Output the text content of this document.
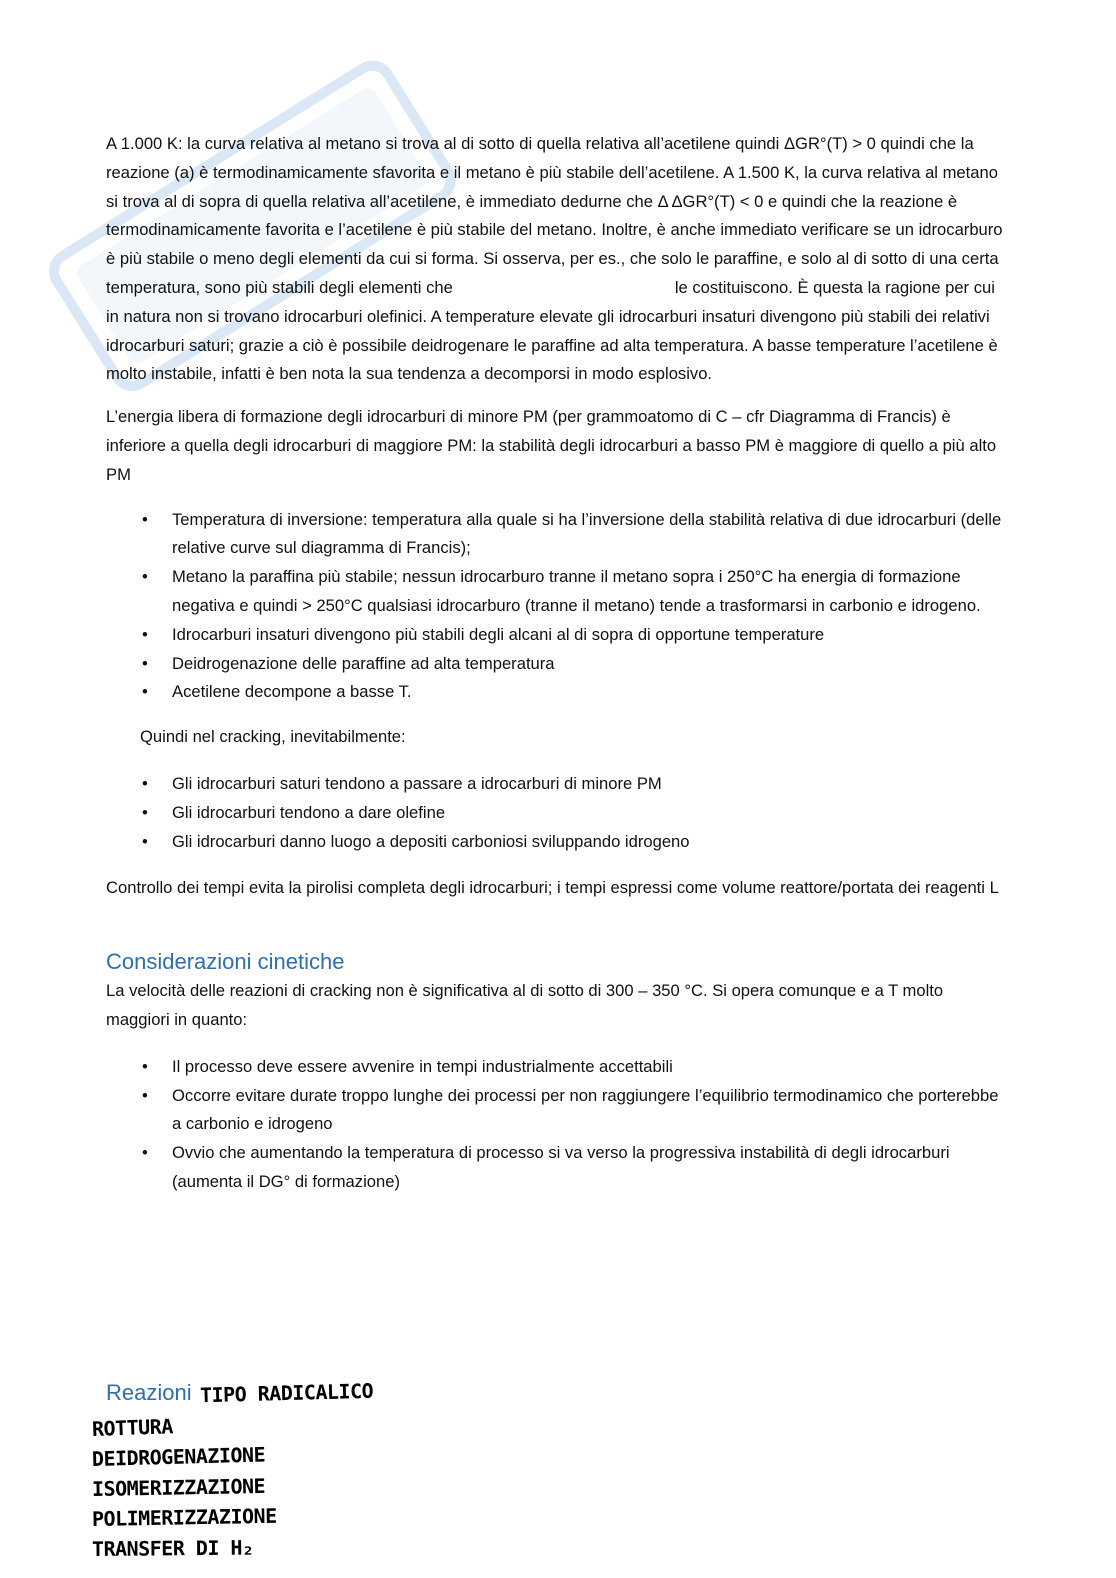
A 1.000 K: la curva relativa al metano si trova al di sotto di quella relativa all’acetilene quindi ΔGR°(T) > 0 quindi che la reazione (a) è termodinamicamente sfavorita e il metano è più stabile dell’acetilene. A 1.500 K, la curva relativa al metano si trova al di sopra di quella relativa all’acetilene, è immediato dedurne che Δ ΔGR°(T) < 0 e quindi che la reazione è termodinamicamente favorita e l’acetilene è più stabile del metano. Inoltre, è anche immediato verificare se un idrocarburo è più stabile o meno degli elementi da cui si forma. Si osserva, per es., che solo le paraffine, e solo al di sotto di una certa temperatura, sono più stabili degli elementi che	le costituiscono. È questa la ragione per cui in natura non si trovano idrocarburi olefinici. A temperature elevate gli idrocarburi insaturi divengono più stabili dei relativi idrocarburi saturi; grazie a ciò è possibile deidrogenare le paraffine ad alta temperatura. A basse temperature l’acetilene è molto instabile, infatti è ben nota la sua tendenza a decomporsi in modo esplosivo.

L’energia libera di formazione degli idrocarburi di minore PM (per grammoatomo di C – cfr Diagramma di Francis) è inferiore a quella degli idrocarburi di maggiore PM: la stabilità degli idrocarburi a basso PM è maggiore di quello a più alto PM

• Temperatura di inversione: temperatura alla quale si ha l’inversione della stabilità relativa di due idrocarburi (delle relative curve sul diagramma di Francis);
• Metano la paraffina più stabile; nessun idrocarburo tranne il metano sopra i 250°C ha energia di formazione negativa e quindi > 250°C qualsiasi idrocarburo (tranne il metano) tende a trasformarsi in carbonio e idrogeno.
• Idrocarburi insaturi divengono più stabili degli alcani al di sopra di opportune temperature
• Deidrogenazione delle paraffine ad alta temperatura
• Acetilene decompone a basse T.

Quindi nel cracking, inevitabilmente:

• Gli idrocarburi saturi tendono a passare a idrocarburi di minore PM
• Gli idrocarburi tendono a dare olefine
• Gli idrocarburi danno luogo a depositi carboniosi sviluppando idrogeno

Controllo dei tempi evita la pirolisi completa degli idrocarburi; i tempi espressi come volume reattore/portata dei reagenti L

Considerazioni cinetiche

La velocità delle reazioni di cracking non è significativa al di sotto di 300 – 350 °C. Si opera comunque e a T molto maggiori in quanto:

• Il processo deve essere avvenire in tempi industrialmente accettabili
• Occorre evitare durate troppo lunghe dei processi per non raggiungere l’equilibrio termodinamico che porterebbe a carbonio e idrogeno
• Ovvio che aumentando la temperatura di processo si va verso la progressiva instabilità di degli idrocarburi (aumenta il DG° di formazione)
Reazioni TIPO RADICALICO
ROTTURA
DEIDROGENAZIONE
ISOMERIZZAZIONE
POLIMERIZZAZIONE
TRANSFER DI H₂
